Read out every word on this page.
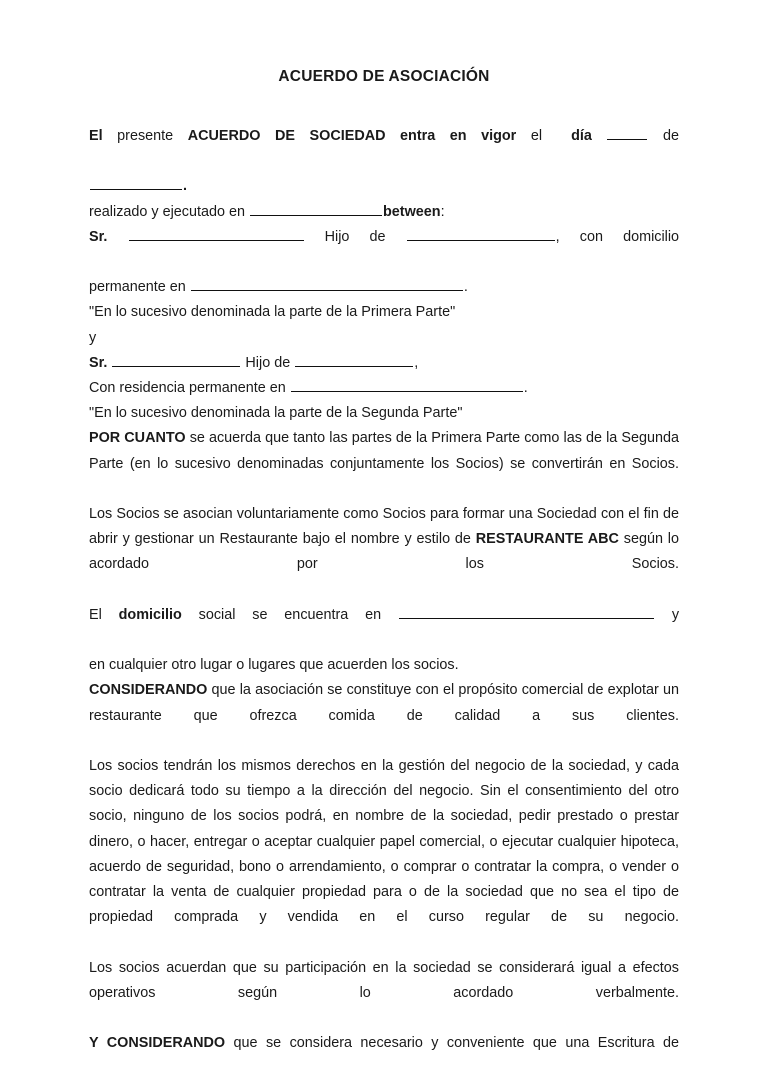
ACUERDO DE ASOCIACIÓN

El presente ACUERDO DE SOCIEDAD entra en vigor el día	de

.

realizado y ejecutado en	between:

Sr.	Hijo de	, con domicilio

permanente en	.

"En lo sucesivo denominada la parte de la Primera Parte"

y

Sr.	Hijo de	,

Con residencia permanente en	.

"En lo sucesivo denominada la parte de la Segunda Parte"

POR CUANTO se acuerda que tanto las partes de la Primera Parte como las de la Segunda Parte (en lo sucesivo denominadas conjuntamente los Socios) se convertirán en Socios.

Los Socios se asocian voluntariamente como Socios para formar una Sociedad con el fin de abrir y gestionar un Restaurante bajo el nombre y estilo de RESTAURANTE ABC según lo acordado por los Socios.

El domicilio social se encuentra en	y

en cualquier otro lugar o lugares que acuerden los socios.

CONSIDERANDO que la asociación se constituye con el propósito comercial de explotar un restaurante que ofrezca comida de calidad a sus clientes.

Los socios tendrán los mismos derechos en la gestión del negocio de la sociedad, y cada socio dedicará todo su tiempo a la dirección del negocio. Sin el consentimiento del otro socio, ninguno de los socios podrá, en nombre de la sociedad, pedir prestado o prestar dinero, o hacer, entregar o aceptar cualquier papel comercial, o ejecutar cualquier hipoteca, acuerdo de seguridad, bono o arrendamiento, o comprar o contratar la compra, o vender o contratar la venta de cualquier propiedad para o de la sociedad que no sea el tipo de propiedad comprada y vendida en el curso regular de su negocio.

Los socios acuerdan que su participación en la sociedad se considerará igual a efectos operativos según lo acordado verbalmente.

Y CONSIDERANDO que se considera necesario y conveniente que una Escritura de
